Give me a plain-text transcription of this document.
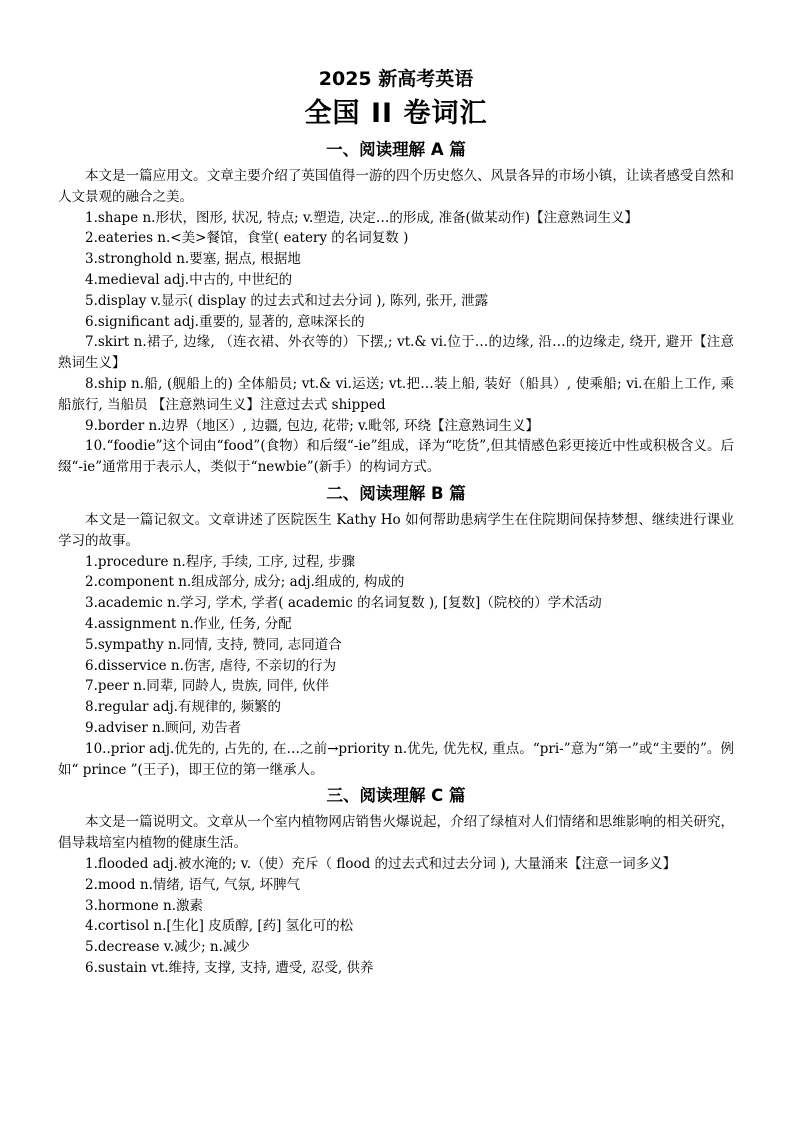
2025 新高考英语
全国 II 卷词汇
一、阅读理解 A 篇

本文是一篇应用文。文章主要介绍了英国值得一游的四个历史悠久、风景各异的市场小镇，让读者感受自然和人文景观的融合之美。

1.shape n.形状，图形, 状况, 特点; v.塑造, 决定…的形成, 准备(做某动作)【注意熟词生义】

2.eateries n.<美>餐馆，食堂( eatery 的名词复数 )

3.stronghold n.要塞, 据点, 根据地

4.medieval adj.中古的, 中世纪的

5.display v.显示( display 的过去式和过去分词 ), 陈列, 张开, 泄露

6.significant adj.重要的, 显著的, 意味深长的

7.skirt n.裙子, 边缘, （连衣裙、外衣等的）下摆,; vt.& vi.位于…的边缘, 沿…的边缘走, 绕开, 避开【注意熟词生义】

8.ship n.船, (舰船上的) 全体船员; vt.& vi.运送; vt.把…装上船, 装好（船具）, 使乘船; vi.在船上工作, 乘船旅行, 当船员 【注意熟词生义】注意过去式 shipped

9.border n.边界（地区）, 边疆, 包边, 花带; v.毗邻, 环绕【注意熟词生义】

10.“foodie”这个词由“food”(食物）和后缀“-ie”组成，译为“吃货”,但其情感色彩更接近中性或积极含义。后缀“-ie”通常用于表示人，类似于“newbie”(新手）的构词方式。

二、阅读理解 B 篇

本文是一篇记叙文。文章讲述了医院医生 Kathy Ho 如何帮助患病学生在住院期间保持梦想、继续进行课业学习的故事。

1.procedure n.程序, 手续, 工序, 过程, 步骤

2.component n.组成部分, 成分; adj.组成的, 构成的

3.academic n.学习, 学术, 学者( academic 的名词复数 ), [复数]（院校的）学术活动

4.assignment n.作业, 任务, 分配

5.sympathy n.同情, 支持, 赞同, 志同道合

6.disservice n.伤害, 虐待, 不亲切的行为

7.peer n.同辈, 同龄人, 贵族, 同伴, 伙伴

8.regular adj.有规律的, 频繁的

9.adviser n.顾问, 劝告者

10..prior adj.优先的, 占先的, 在…之前→priority n.优先, 优先权, 重点。“pri-”意为“第一”或“主要的”。例如“ prince ”(王子)，即王位的第一继承人。

三、阅读理解 C 篇

本文是一篇说明文。文章从一个室内植物网店销售火爆说起，介绍了绿植对人们情绪和思维影响的相关研究，倡导栽培室内植物的健康生活。

1.flooded adj.被水淹的; v.（使）充斥（ flood 的过去式和过去分词 ), 大量涌来【注意一词多义】

2.mood n.情绪, 语气, 气氛, 坏脾气

3.hormone n.激素

4.cortisol n.[生化] 皮质醇, [药] 氢化可的松

5.decrease v.减少; n.减少

6.sustain vt.维持, 支撑, 支持, 遭受, 忍受, 供养
